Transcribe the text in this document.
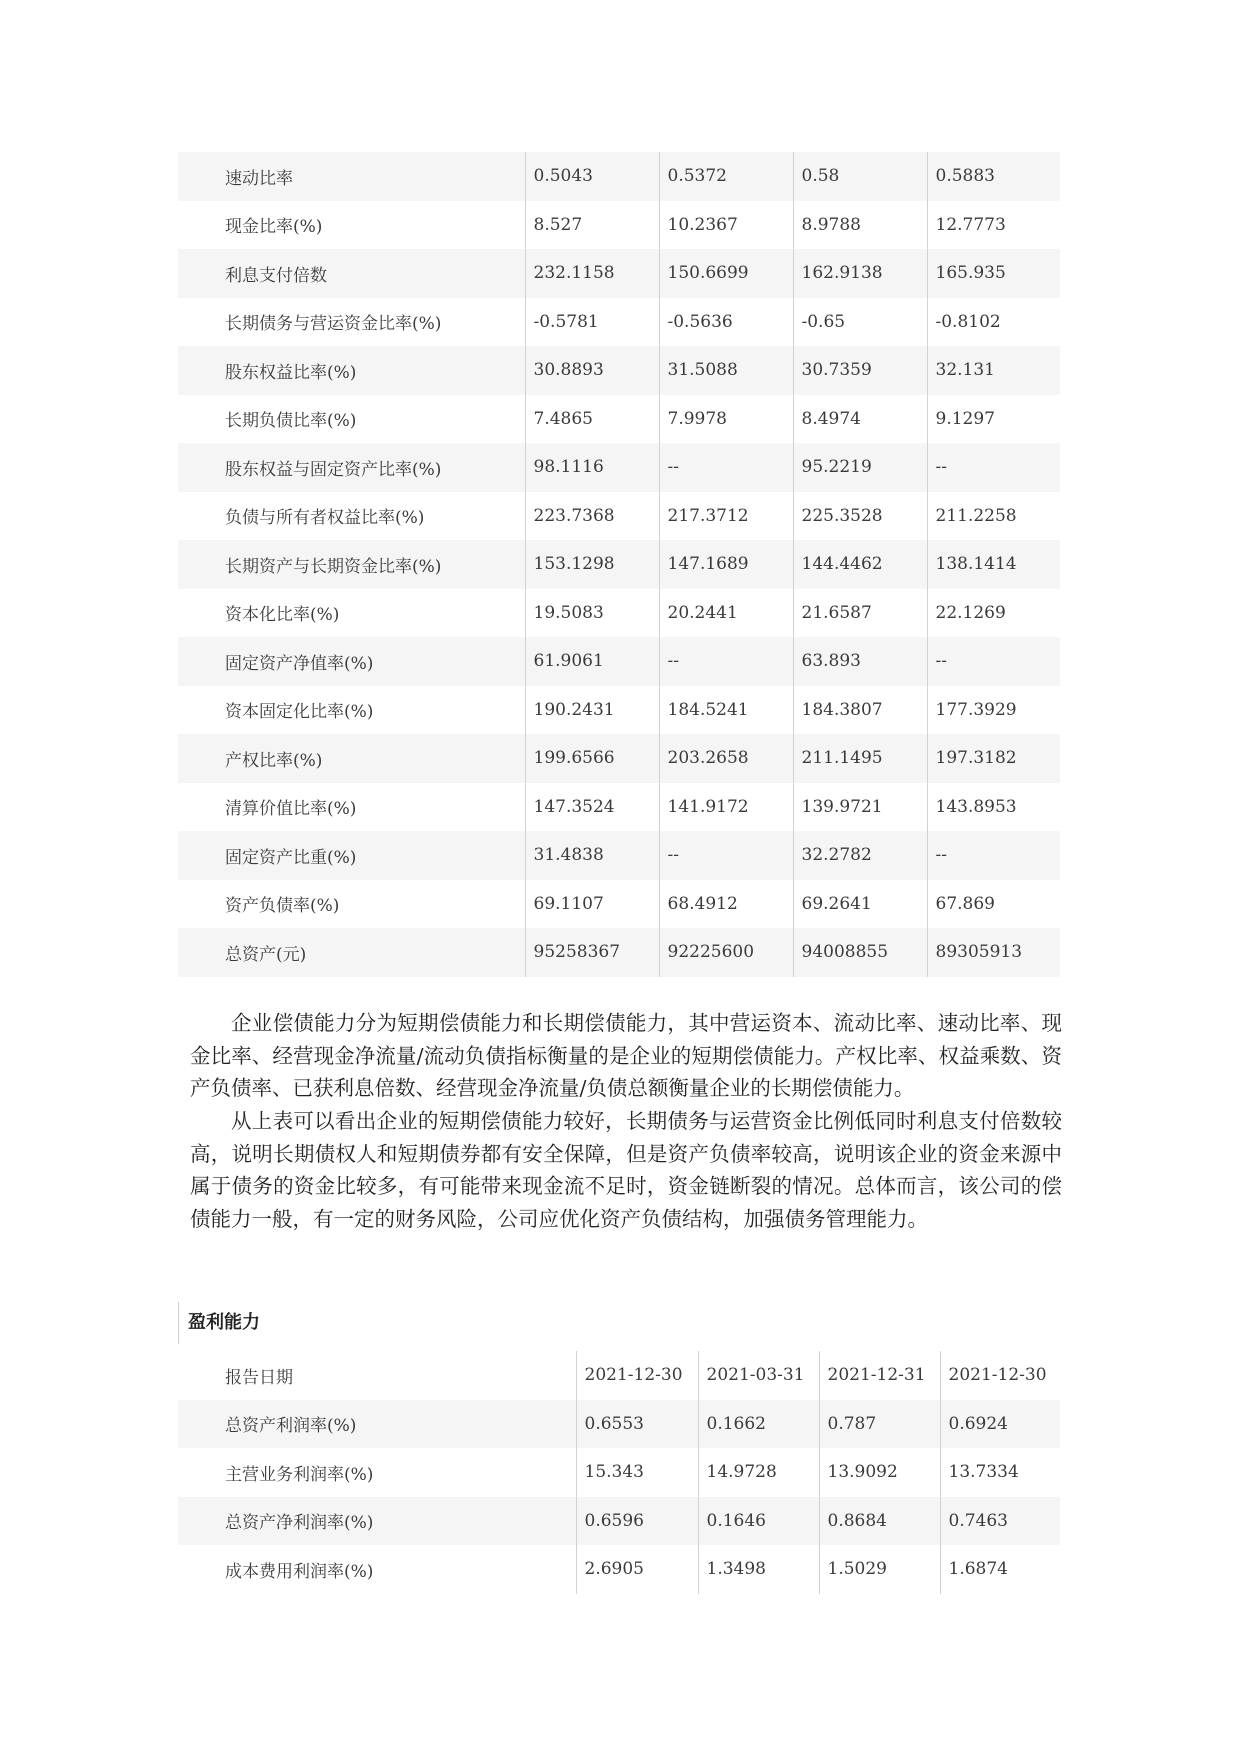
速动比率	0.5043	0.5372	0.58	0.5883
现金比率(%)	8.527	10.2367	8.9788	12.7773
利息支付倍数	232.1158	150.6699	162.9138	165.935
长期债务与营运资金比率(%)	-0.5781	-0.5636	-0.65	-0.8102
股东权益比率(%)	30.8893	31.5088	30.7359	32.131
长期负债比率(%)	7.4865	7.9978	8.4974	9.1297
股东权益与固定资产比率(%)	98.1116	--	95.2219	--
负债与所有者权益比率(%)	223.7368	217.3712	225.3528	211.2258
长期资产与长期资金比率(%)	153.1298	147.1689	144.4462	138.1414
资本化比率(%)	19.5083	20.2441	21.6587	22.1269
固定资产净值率(%)	61.9061	--	63.893	--
资本固定化比率(%)	190.2431	184.5241	184.3807	177.3929
产权比率(%)	199.6566	203.2658	211.1495	197.3182
清算价值比率(%)	147.3524	141.9172	139.9721	143.8953
固定资产比重(%)	31.4838	--	32.2782	--
资产负债率(%)	69.1107	68.4912	69.2641	67.869
总资产(元)	95258367	92225600	94008855	89305913

企业偿债能力分为短期偿债能力和长期偿债能力，其中营运资本、流动比率、速动比率、现金比率、经营现金净流量/流动负债指标衡量的是企业的短期偿债能力。产权比率、权益乘数、资产负债率、已获利息倍数、经营现金净流量/负债总额衡量企业的长期偿债能力。

从上表可以看出企业的短期偿债能力较好，长期债务与运营资金比例低同时利息支付倍数较高，说明长期债权人和短期债券都有安全保障，但是资产负债率较高，说明该企业的资金来源中属于债务的资金比较多，有可能带来现金流不足时，资金链断裂的情况。总体而言，该公司的偿债能力一般，有一定的财务风险，公司应优化资产负债结构，加强债务管理能力。

盈利能力
报告日期	2021-12-30	2021-03-31	2021-12-31	2021-12-30
总资产利润率(%)	0.6553	0.1662	0.787	0.6924
主营业务利润率(%)	15.343	14.9728	13.9092	13.7334
总资产净利润率(%)	0.6596	0.1646	0.8684	0.7463
成本费用利润率(%)	2.6905	1.3498	1.5029	1.6874
